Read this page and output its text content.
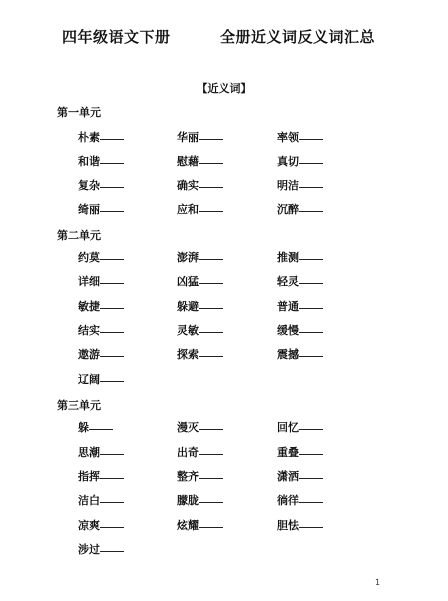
四年级语文下册	全册近义词反义词汇总
【近义词】
第一单元
朴素	华丽	率领
和谐	慰藉	真切
复杂	确实	明洁
绮丽	应和	沉醉
第二单元
约莫	澎湃	推测
详细	凶猛	轻灵
敏捷	躲避	普通
结实	灵敏	缓慢
遨游	探索	震撼
辽阔
第三单元
躲	漫灭	回忆
思潮	出奇	重叠
指挥	整齐	潇洒
洁白	朦胧	徜徉
凉爽	炫耀	胆怯
涉过
1
